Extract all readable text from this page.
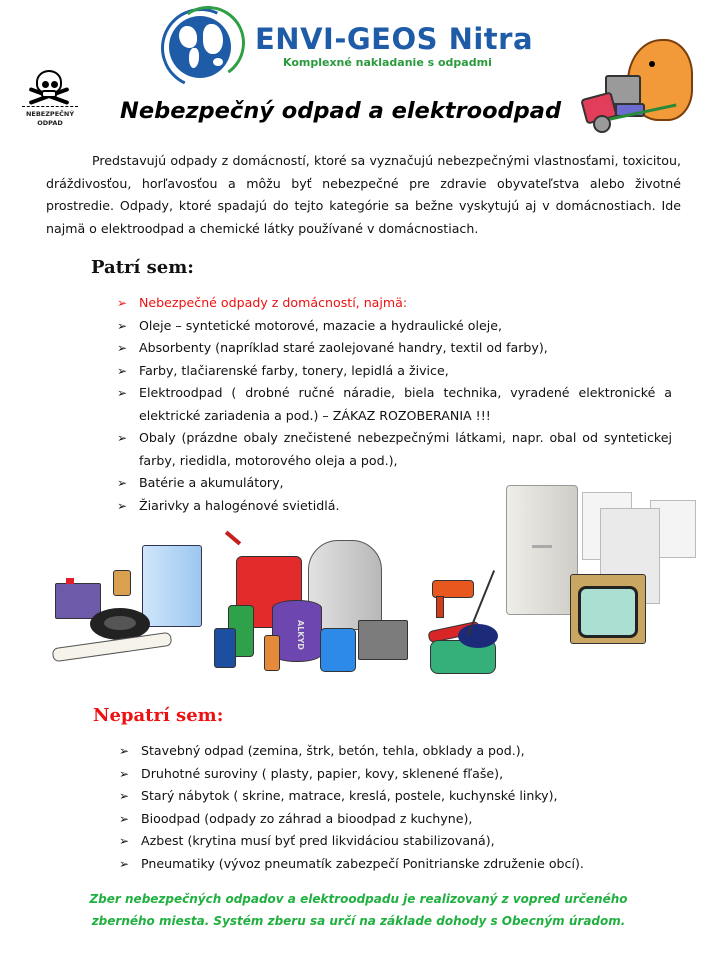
ENVI-GEOS Nitra
Komplexné nakladanie s odpadmi
NEBEZPEČNÝ
ODPAD	Nebezpečný odpad a elektroodpad

Predstavujú odpady z domácností, ktoré sa vyznačujú nebezpečnými vlastnosťami, toxicitou, dráždivosťou, horľavosťou a môžu byť nebezpečné pre zdravie obyvateľstva alebo životné prostredie. Odpady, ktoré spadajú do tejto kategórie sa bežne vyskytujú aj v domácnostiach. Ide najmä o elektroodpad a chemické látky používané v domácnostiach.

Patrí sem:
➢ Nebezpečné odpady z domácností, najmä:
➢ Oleje – syntetické motorové, mazacie a hydraulické oleje,
➢ Absorbenty (napríklad staré zaolejované handry, textil od farby),
➢ Farby, tlačiarenské farby, tonery, lepidlá a živice,
➢ Elektroodpad ( drobné ručné náradie, biela technika, vyradené elektronické a elektrické zariadenia a pod.) – ZÁKAZ ROZOBERANIA !!!
➢ Obaly (prázdne obaly znečistené nebezpečnými látkami, napr. obal od syntetickej farby, riedidla, motorového oleja a pod.),
➢ Batérie a akumulátory,
➢ Žiarivky a halogénové svietidlá.
ALKYD
Nepatrí sem:
➢ Stavebný odpad (zemina, štrk, betón, tehla, obklady a pod.),
➢ Druhotné suroviny ( plasty, papier, kovy, sklenené fľaše),
➢ Starý nábytok ( skrine, matrace, kreslá, postele, kuchynské linky),
➢ Bioodpad (odpady zo záhrad a bioodpad z kuchyne),
➢ Azbest (krytina musí byť pred likvidáciou stabilizovaná),
➢ Pneumatiky (vývoz pneumatík zabezpečí Ponitrianske združenie obcí).

Zber nebezpečných odpadov a elektroodpadu je realizovaný z vopred určeného zberného miesta. Systém zberu sa určí na základe dohody s Obecným úradom.
